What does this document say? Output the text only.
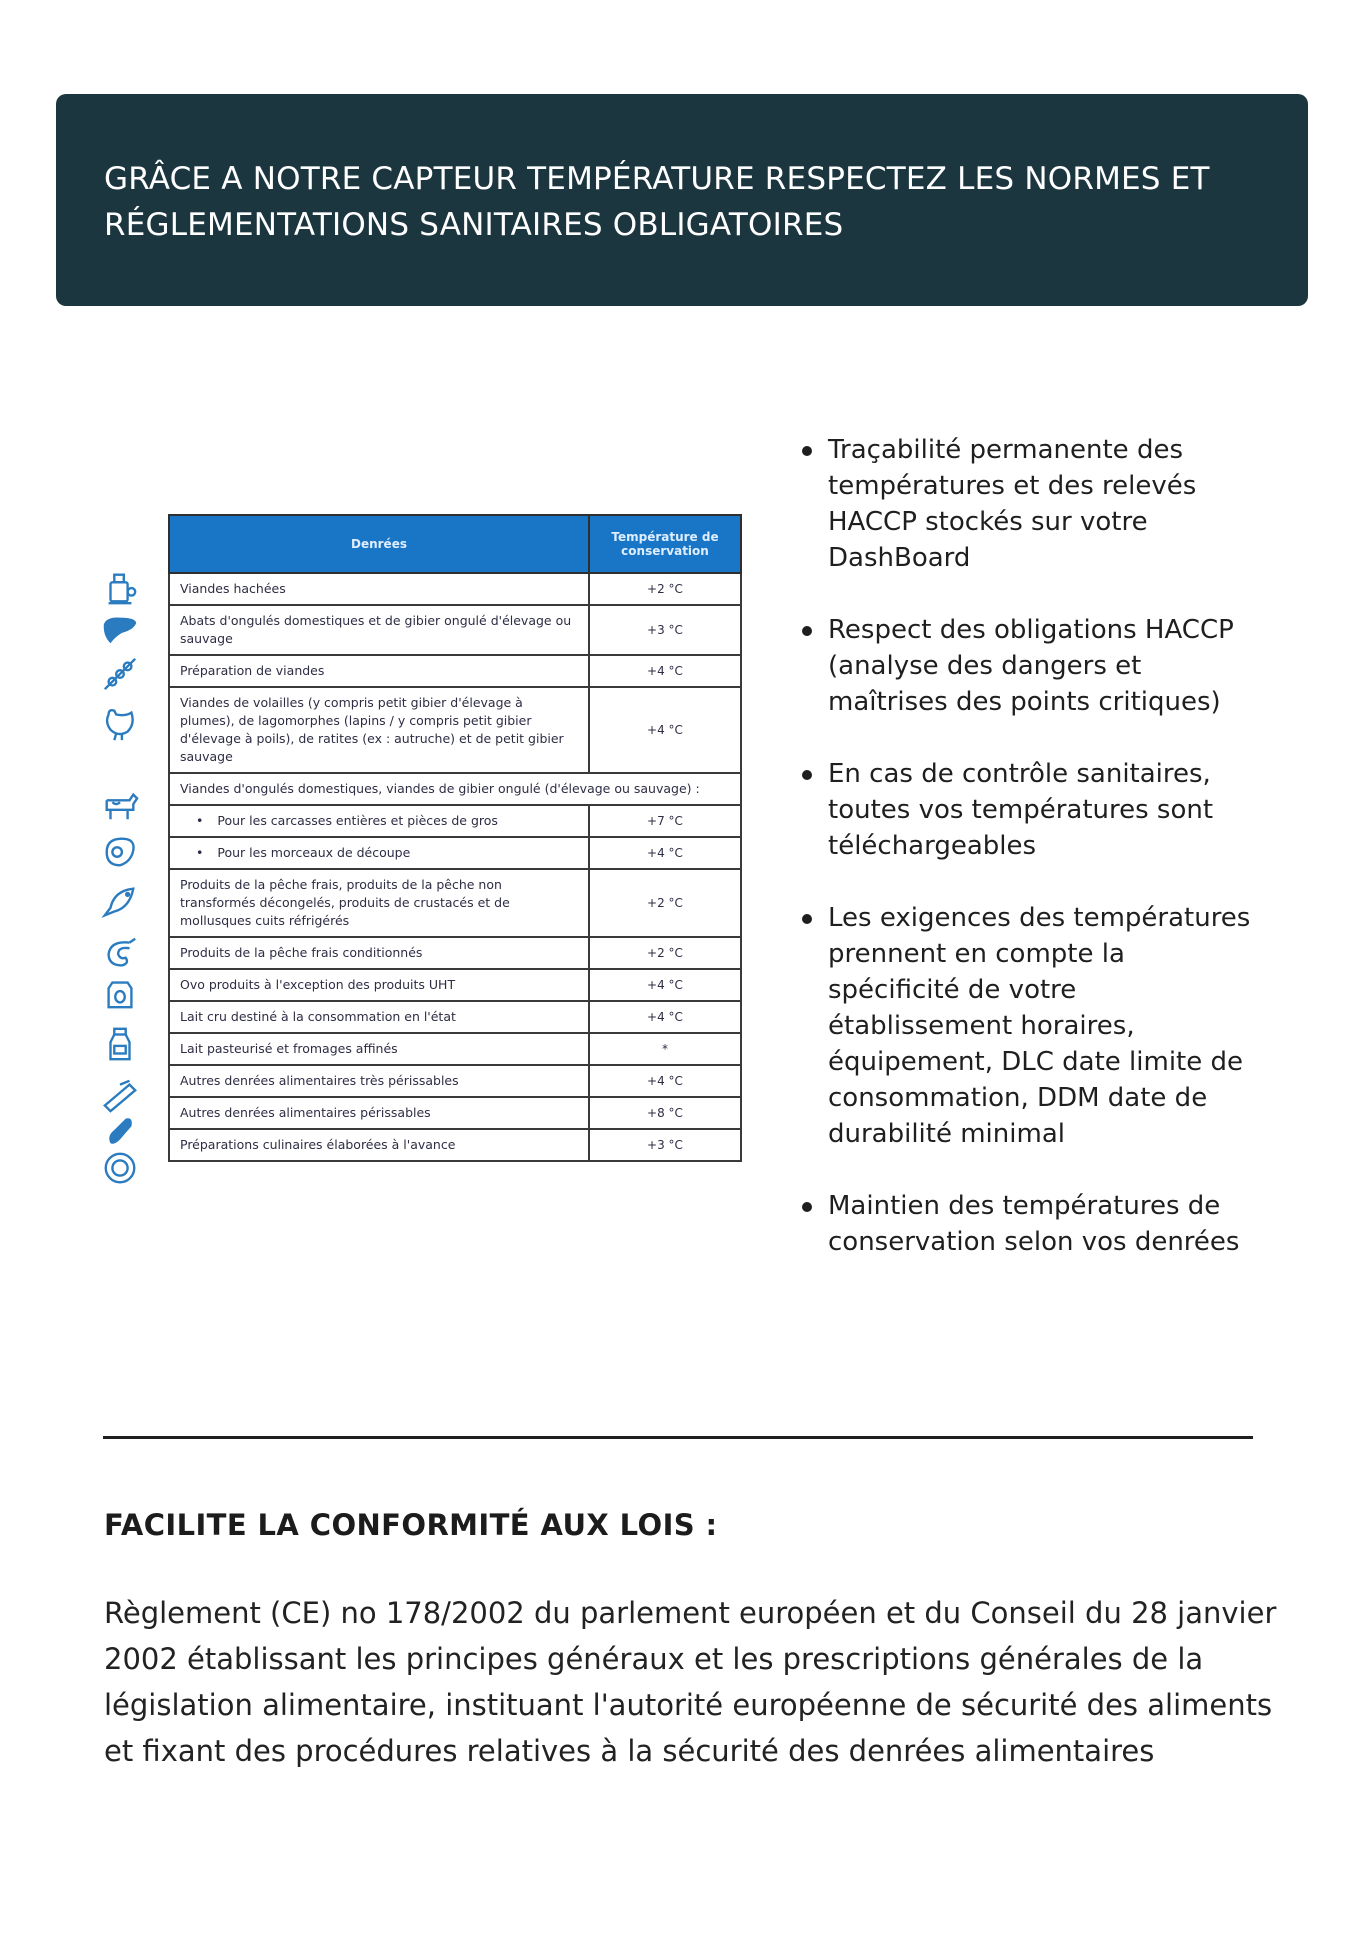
GRÂCE A NOTRE CAPTEUR TEMPÉRATURE RESPECTEZ LES NORMES ET
RÉGLEMENTATIONS SANITAIRES OBLIGATOIRES
Denrées	Température de conservation
Viandes hachées	+2 °C
Abats d'ongulés domestiques et de gibier ongulé d'élevage ou sauvage	+3 °C
Préparation de viandes	+4 °C
Viandes de volailles (y compris petit gibier d'élevage à plumes), de lagomorphes (lapins / y compris petit gibier d'élevage à poils), de ratites (ex : autruche) et de petit gibier sauvage	+4 °C
Viandes d'ongulés domestiques, viandes de gibier ongulé (d'élevage ou sauvage) :	
• Pour les carcasses entières et pièces de gros	+7 °C
• Pour les morceaux de découpe	+4 °C
Produits de la pêche frais, produits de la pêche non transformés décongelés, produits de crustacés et de mollusques cuits réfrigérés	+2 °C
Produits de la pêche frais conditionnés	+2 °C
Ovo produits à l'exception des produits UHT	+4 °C
Lait cru destiné à la consommation en l'état	+4 °C
Lait pasteurisé et fromages affinés	*
Autres denrées alimentaires très périssables	+4 °C
Autres denrées alimentaires périssables	+8 °C
Préparations culinaires élaborées à l'avance	+3 °C
Traçabilité permanente des températures et des relevés HACCP stockés sur votre DashBoard
Respect des obligations HACCP (analyse des dangers et maîtrises des points critiques)
En cas de contrôle sanitaires, toutes vos températures sont téléchargeables
Les exigences des températures prennent en compte la spécificité de votre établissement horaires, équipement, DLC date limite de consommation, DDM date de durabilité minimal
Maintien des températures de conservation selon vos denrées
FACILITE LA CONFORMITÉ AUX LOIS :

Règlement (CE) no 178/2002 du parlement européen et du Conseil du 28 janvier 2002 établissant les principes généraux et les prescriptions générales de la législation alimentaire, instituant l'autorité européenne de sécurité des aliments et fixant des procédures relatives à la sécurité des denrées alimentaires
